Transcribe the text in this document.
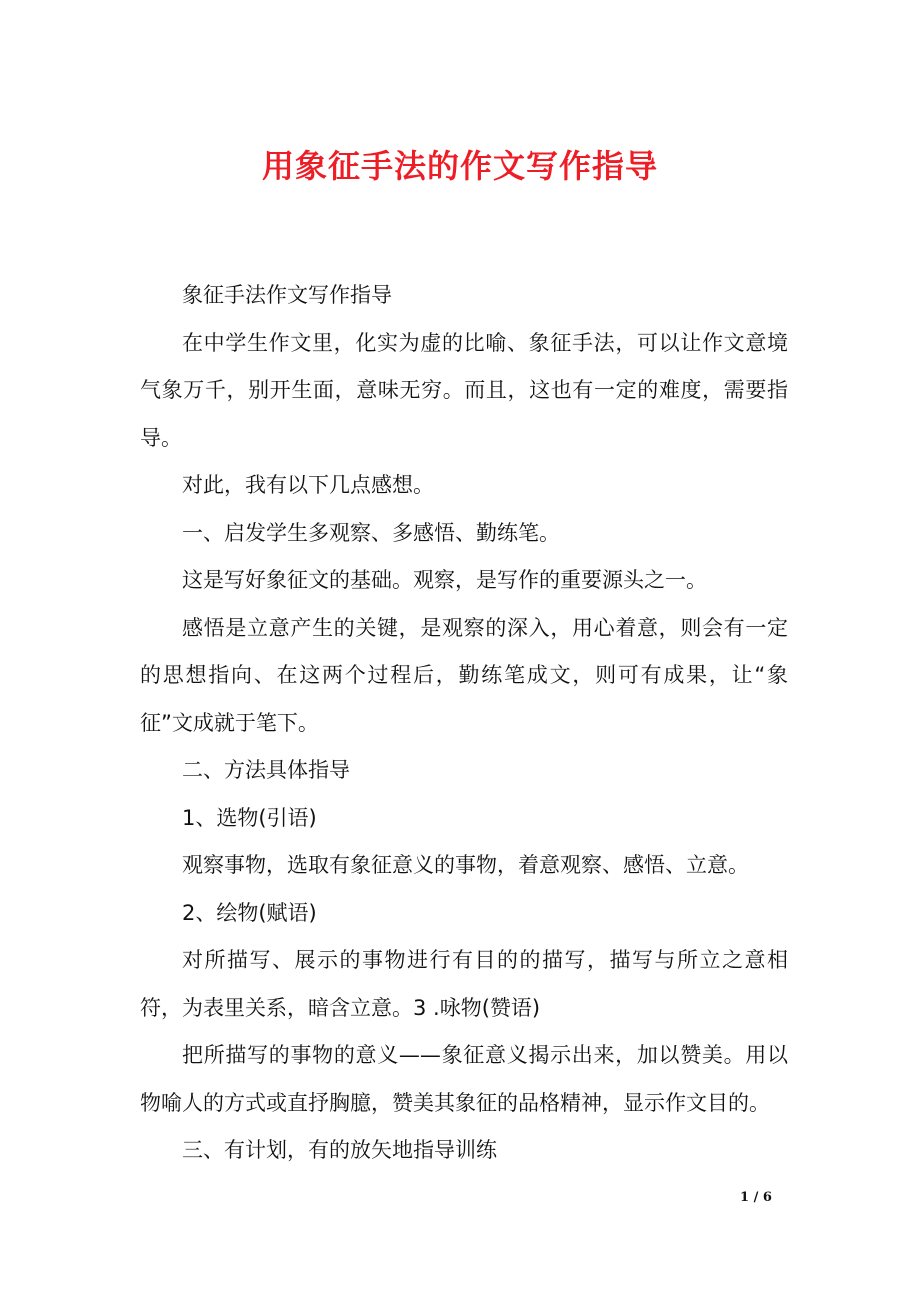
用象征手法的作文写作指导

象征手法作文写作指导

在中学生作文里，化实为虚的比喻、象征手法，可以让作文意境气象万千，别开生面，意味无穷。而且，这也有一定的难度，需要指导。

对此，我有以下几点感想。

一、启发学生多观察、多感悟、勤练笔。

这是写好象征文的基础。观察，是写作的重要源头之一。

感悟是立意产生的关键，是观察的深入，用心着意，则会有一定的思想指向、在这两个过程后，勤练笔成文，则可有成果，让“象征”文成就于笔下。

二、方法具体指导

1、选物(引语)

观察事物，选取有象征意义的事物，着意观察、感悟、立意。

2、绘物(赋语)

对所描写、展示的事物进行有目的的描写，描写与所立之意相符，为表里关系，暗含立意。3 .咏物(赞语)

把所描写的事物的意义——象征意义揭示出来，加以赞美。用以物喻人的方式或直抒胸臆，赞美其象征的品格精神，显示作文目的。

三、有计划，有的放矢地指导训练

1 / 6
